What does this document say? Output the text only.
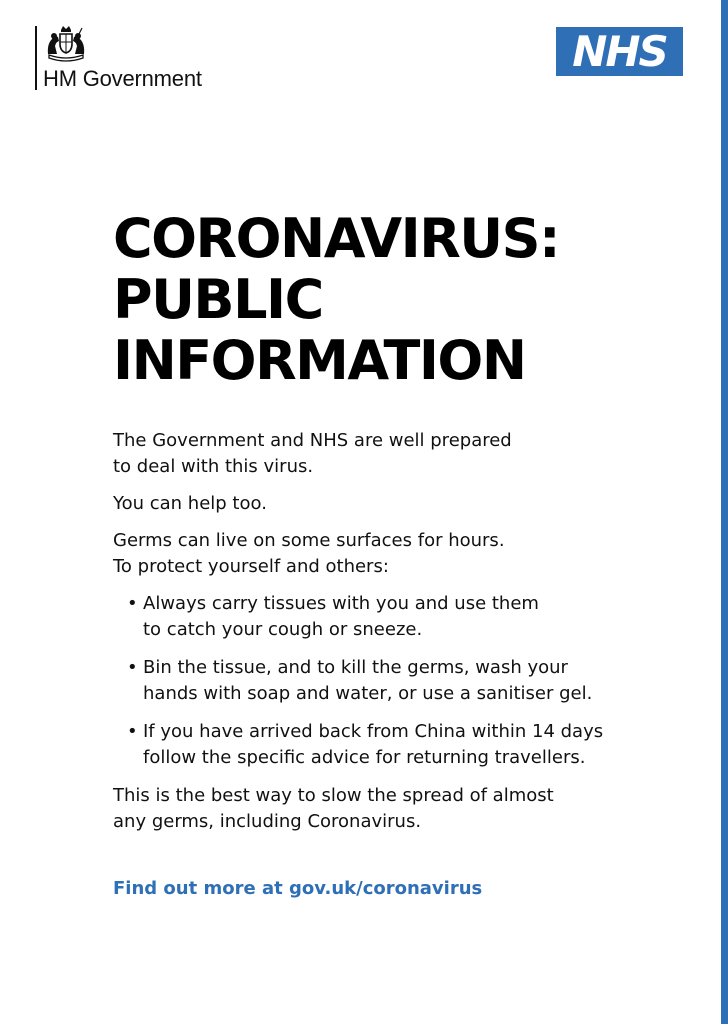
HM Government
NHS
CORONAVIRUS:
PUBLIC
INFORMATION

The Government and NHS are well prepared
to deal with this virus.

You can help too.

Germs can live on some surfaces for hours.
To protect yourself and others:

• Always carry tissues with you and use them
to catch your cough or sneeze.
• Bin the tissue, and to kill the germs, wash your
hands with soap and water, or use a sanitiser gel.
• If you have arrived back from China within 14 days
follow the specific advice for returning travellers.

This is the best way to slow the spread of almost
any germs, including Coronavirus.

Find out more at gov.uk/coronavirus
